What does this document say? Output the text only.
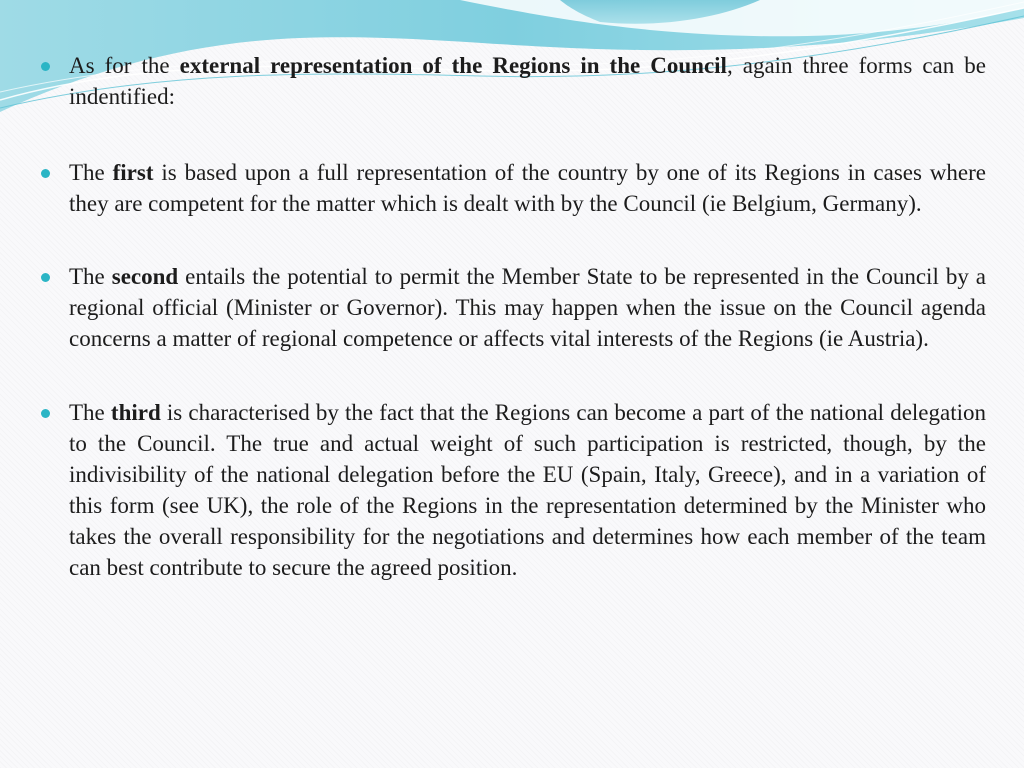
As for the external representation of the Regions in the Council, again three forms can be indentified:
The first is based upon a full representation of the country by one of its Regions in cases where they are competent for the matter which is dealt with by the Council (ie Belgium, Germany).
The second entails the potential to permit the Member State to be represented in the Council by a regional official (Minister or Governor). This may happen when the issue on the Council agenda concerns a matter of regional competence or affects vital interests of the Regions (ie Austria).
The third is characterised by the fact that the Regions can become a part of the national delegation to the Council. The true and actual weight of such participation is restricted, though, by the indivisibility of the national delegation before the EU (Spain, Italy, Greece), and in a variation of this form (see UK), the role of the Regions in the representation determined by the Minister who takes the overall responsibility for the negotiations and determines how each member of the team can best contribute to secure the agreed position.
